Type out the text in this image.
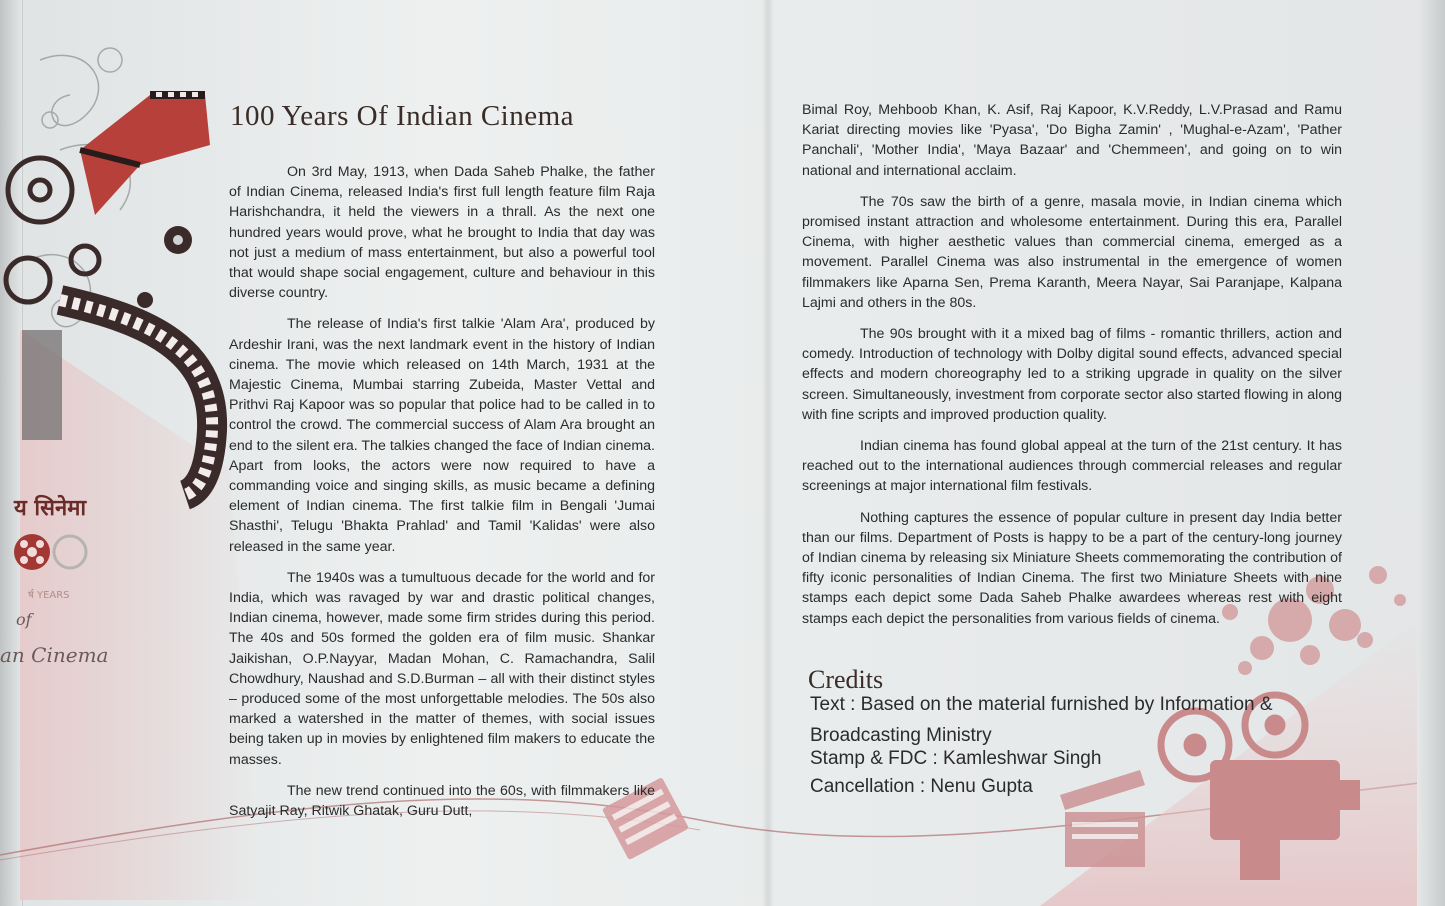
य सिनेमा
र्ष YEARS
of
an Cinema
100 Years Of Indian Cinema

On 3rd May, 1913, when Dada Saheb Phalke, the father of Indian Cinema, released India's first full length feature film Raja Harishchandra, it held the viewers in a thrall. As the next one hundred years would prove, what he brought to India that day was not just a medium of mass entertainment, but also a powerful tool that would shape social engagement, culture and behaviour in this diverse country.

The release of India's first talkie 'Alam Ara', produced by Ardeshir Irani, was the next landmark event in the history of Indian cinema. The movie which released on 14th March, 1931 at the Majestic Cinema, Mumbai starring Zubeida, Master Vettal and Prithvi Raj Kapoor was so popular that police had to be called in to control the crowd. The commercial success of Alam Ara brought an end to the silent era. The talkies changed the face of Indian cinema. Apart from looks, the actors were now required to have a commanding voice and singing skills, as music became a defining element of Indian cinema. The first talkie film in Bengali 'Jumai Shasthi', Telugu 'Bhakta Prahlad' and Tamil 'Kalidas' were also released in the same year.

The 1940s was a tumultuous decade for the world and for India, which was ravaged by war and drastic political changes, Indian cinema, however, made some firm strides during this period. The 40s and 50s formed the golden era of film music. Shankar Jaikishan, O.P.Nayyar, Madan Mohan, C. Ramachandra, Salil Chowdhury, Naushad and S.D.Burman – all with their distinct styles – produced some of the most unforgettable melodies. The 50s also marked a watershed in the matter of themes, with social issues being taken up in movies by enlightened film makers to educate the masses.

The new trend continued into the 60s, with filmmakers like Satyajit Ray, Ritwik Ghatak, Guru Dutt,

Bimal Roy, Mehboob Khan, K. Asif, Raj Kapoor, K.V.Reddy, L.V.Prasad and Ramu Kariat directing movies like 'Pyasa', 'Do Bigha Zamin' , 'Mughal-e-Azam', 'Pather Panchali', 'Mother India', 'Maya Bazaar' and 'Chemmeen', and going on to win national and international acclaim.

The 70s saw the birth of a genre, masala movie, in Indian cinema which promised instant attraction and wholesome entertainment. During this era, Parallel Cinema, with higher aesthetic values than commercial cinema, emerged as a movement. Parallel Cinema was also instrumental in the emergence of women filmmakers like Aparna Sen, Prema Karanth, Meera Nayar, Sai Paranjape, Kalpana Lajmi and others in the 80s.

The 90s brought with it a mixed bag of films - romantic thrillers, action and comedy. Introduction of technology with Dolby digital sound effects, advanced special effects and modern choreography led to a striking upgrade in quality on the silver screen. Simultaneously, investment from corporate sector also started flowing in along with fine scripts and improved production quality.

Indian cinema has found global appeal at the turn of the 21st century. It has reached out to the international audiences through commercial releases and regular screenings at major international film festivals.

Nothing captures the essence of popular culture in present day India better than our films. Department of Posts is happy to be a part of the century-long journey of Indian cinema by releasing six Miniature Sheets commemorating the contribution of fifty iconic personalities of Indian Cinema. The first two Miniature Sheets with nine stamps each depict some Dada Saheb Phalke awardees whereas rest with eight stamps each depict the personalities from various fields of cinema.

Credits
Text : Based on the material furnished by Information &
Broadcasting Ministry
Stamp & FDC : Kamleshwar Singh
Cancellation : Nenu Gupta
